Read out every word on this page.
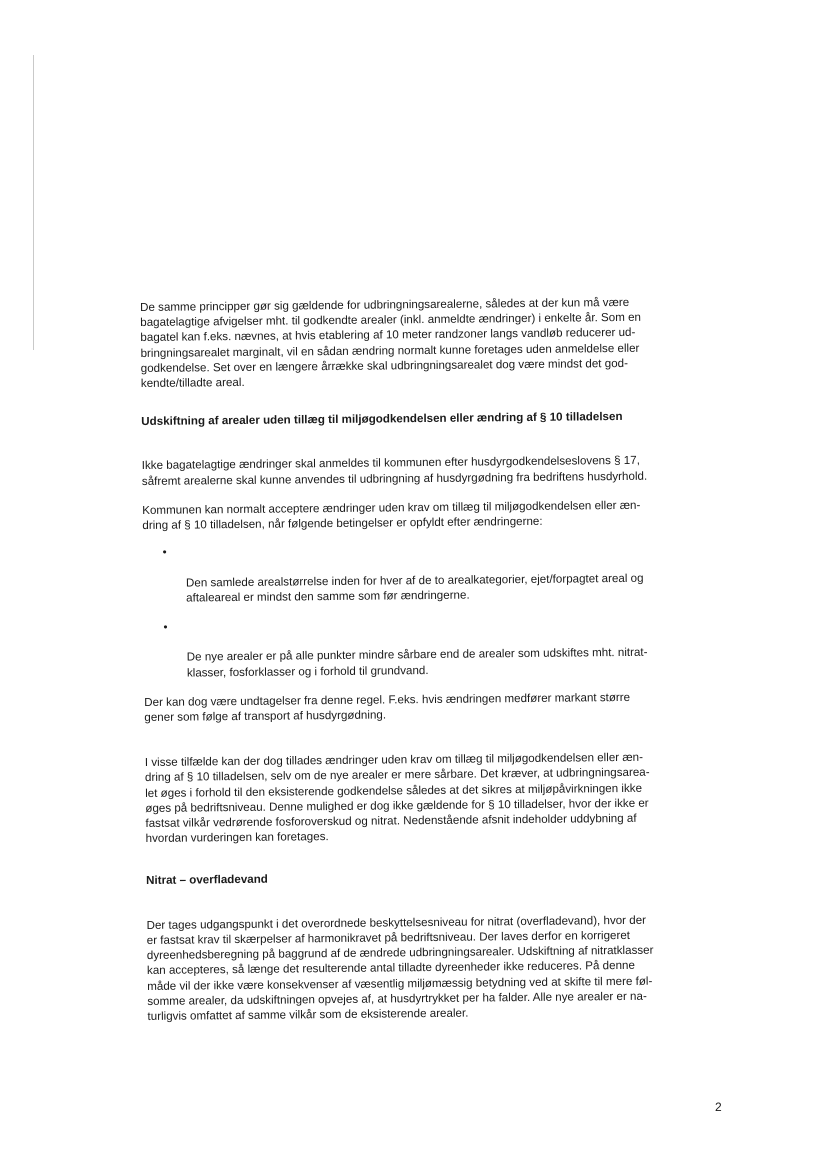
De samme principper gør sig gældende for udbringningsarealerne, således at der kun må være
bagatelagtige afvigelser mht. til godkendte arealer (inkl. anmeldte ændringer) i enkelte år. Som en
bagatel kan f.eks. nævnes, at hvis etablering af 10 meter randzoner langs vandløb reducerer ud-
bringningsarealet marginalt, vil en sådan ændring normalt kunne foretages uden anmeldelse eller
godkendelse. Set over en længere årrække skal udbringningsarealet dog være mindst det god-
kendte/tilladte areal.

Udskiftning af arealer uden tillæg til miljøgodkendelsen eller ændring af § 10 tilladelsen

Ikke bagatelagtige ændringer skal anmeldes til kommunen efter husdyrgodkendelseslovens § 17,
såfremt arealerne skal kunne anvendes til udbringning af husdyrgødning fra bedriftens husdyrhold.

Kommunen kan normalt acceptere ændringer uden krav om tillæg til miljøgodkendelsen eller æn-
dring af § 10 tilladelsen, når følgende betingelser er opfyldt efter ændringerne:

•

Den samlede arealstørrelse inden for hver af de to arealkategorier, ejet/forpagtet areal og
aftaleareal er mindst den samme som før ændringerne.

•

De nye arealer er på alle punkter mindre sårbare end de arealer som udskiftes mht. nitrat-
klasser, fosforklasser og i forhold til grundvand.

Der kan dog være undtagelser fra denne regel. F.eks. hvis ændringen medfører markant større
gener som følge af transport af husdyrgødning.

I visse tilfælde kan der dog tillades ændringer uden krav om tillæg til miljøgodkendelsen eller æn-
dring af § 10 tilladelsen, selv om de nye arealer er mere sårbare. Det kræver, at udbringningsarea-
let øges i forhold til den eksisterende godkendelse således at det sikres at miljøpåvirkningen ikke
øges på bedriftsniveau. Denne mulighed er dog ikke gældende for § 10 tilladelser, hvor der ikke er
fastsat vilkår vedrørende fosforoverskud og nitrat. Nedenstående afsnit indeholder uddybning af
hvordan vurderingen kan foretages.

Nitrat – overfladevand

Der tages udgangspunkt i det overordnede beskyttelsesniveau for nitrat (overfladevand), hvor der
er fastsat krav til skærpelser af harmonikravet på bedriftsniveau. Der laves derfor en korrigeret
dyreenhedsberegning på baggrund af de ændrede udbringningsarealer. Udskiftning af nitratklasser
kan accepteres, så længe det resulterende antal tilladte dyreenheder ikke reduceres. På denne
måde vil der ikke være konsekvenser af væsentlig miljømæssig betydning ved at skifte til mere føl-
somme arealer, da udskiftningen opvejes af, at husdyrtrykket per ha falder. Alle nye arealer er na-
turligvis omfattet af samme vilkår som de eksisterende arealer.

2
